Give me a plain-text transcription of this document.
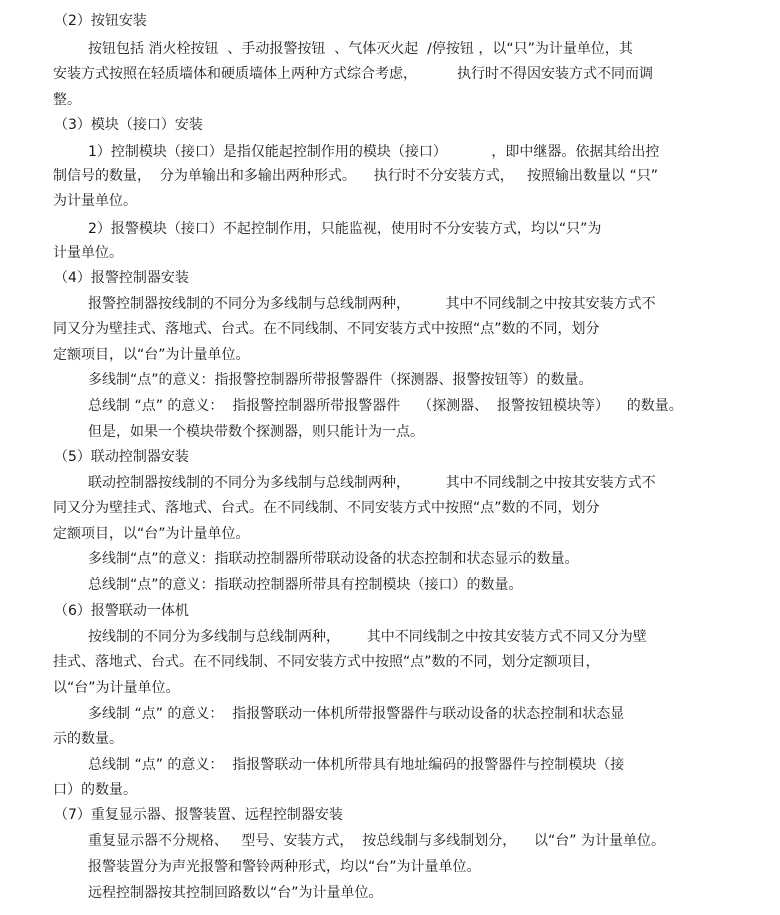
（2）按钮安装
按钮包括 消火栓按钮  、手动报警按钮  、气体灭火起  /停按钮 ，以“只”为计量单位，其
安装方式按照在轻质墙体和硬质墙体上两种方式综合考虑，         执行时不得因安装方式不同而调
整。
（3）模块（接口）安装
1）控制模块（接口）是指仅能起控制作用的模块（接口）          ，即中继器。依据其给出控
制信号的数量，  分为单输出和多输出两种形式。    执行时不分安装方式，   按照输出数量以 “只”
为计量单位。
2）报警模块（接口）不起控制作用，只能监视，使用时不分安装方式，均以“只”为
计量单位。
（4）报警控制器安装
报警控制器按线制的不同分为多线制与总线制两种，        其中不同线制之中按其安装方式不
同又分为壁挂式、落地式、台式。在不同线制、不同安装方式中按照“点”数的不同，划分
定额项目，以“台”为计量单位。
多线制“点”的意义：指报警控制器所带报警器件（探测器、报警按钮等）的数量。
总线制 “点” 的意义：  指报警控制器所带报警器件    （探测器、  报警按钮模块等）    的数量。
但是，如果一个模块带数个探测器，则只能计为一点。
（5）联动控制器安装
联动控制器按线制的不同分为多线制与总线制两种，        其中不同线制之中按其安装方式不
同又分为壁挂式、落地式、台式。在不同线制、不同安装方式中按照“点”数的不同，划分
定额项目，以“台”为计量单位。
多线制“点”的意义：指联动控制器所带联动设备的状态控制和状态显示的数量。
总线制“点”的意义：指联动控制器所带具有控制模块（接口）的数量。
（6）报警联动一体机
按线制的不同分为多线制与总线制两种，      其中不同线制之中按其安装方式不同又分为壁
挂式、落地式、台式。在不同线制、不同安装方式中按照“点”数的不同，划分定额项目，
以“台”为计量单位。
多线制 “点” 的意义：  指报警联动一体机所带报警器件与联动设备的状态控制和状态显
示的数量。
总线制 “点” 的意义：  指报警联动一体机所带具有地址编码的报警器件与控制模块（接
口）的数量。
（7）重复显示器、报警装置、远程控制器安装
重复显示器不分规格、   型号、安装方式，  按总线制与多线制划分，    以“台” 为计量单位。
报警装置分为声光报警和警铃两种形式，均以“台”为计量单位。
远程控制器按其控制回路数以“台”为计量单位。
